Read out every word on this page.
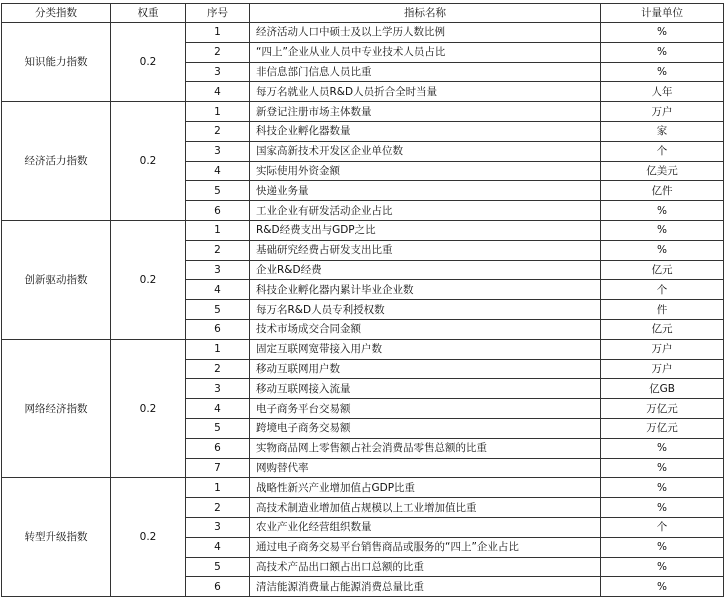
分类指数	权重	序号	指标名称	计量单位
知识能力指数	0.2	1	经济活动人口中硕士及以上学历人数比例	%
		2	“四上”企业从业人员中专业技术人员占比	%
		3	非信息部门信息人员比重	%
		4	每万名就业人员R&D人员折合全时当量	人年
经济活力指数	0.2	1	新登记注册市场主体数量	万户
		2	科技企业孵化器数量	家
		3	国家高新技术开发区企业单位数	个
		4	实际使用外资金额	亿美元
		5	快递业务量	亿件
		6	工业企业有研发活动企业占比	%
创新驱动指数	0.2	1	R&D经费支出与GDP之比	%
		2	基础研究经费占研发支出比重	%
		3	企业R&D经费	亿元
		4	科技企业孵化器内累计毕业企业数	个
		5	每万名R&D人员专利授权数	件
		6	技术市场成交合同金额	亿元
网络经济指数	0.2	1	固定互联网宽带接入用户数	万户
		2	移动互联网用户数	万户
		3	移动互联网接入流量	亿GB
		4	电子商务平台交易额	万亿元
		5	跨境电子商务交易额	万亿元
		6	实物商品网上零售额占社会消费品零售总额的比重	%
		7	网购替代率	%
转型升级指数	0.2	1	战略性新兴产业增加值占GDP比重	%
		2	高技术制造业增加值占规模以上工业增加值比重	%
		3	农业产业化经营组织数量	个
		4	通过电子商务交易平台销售商品或服务的“四上”企业占比	%
		5	高技术产品出口额占出口总额的比重	%
		6	清洁能源消费量占能源消费总量比重	%
